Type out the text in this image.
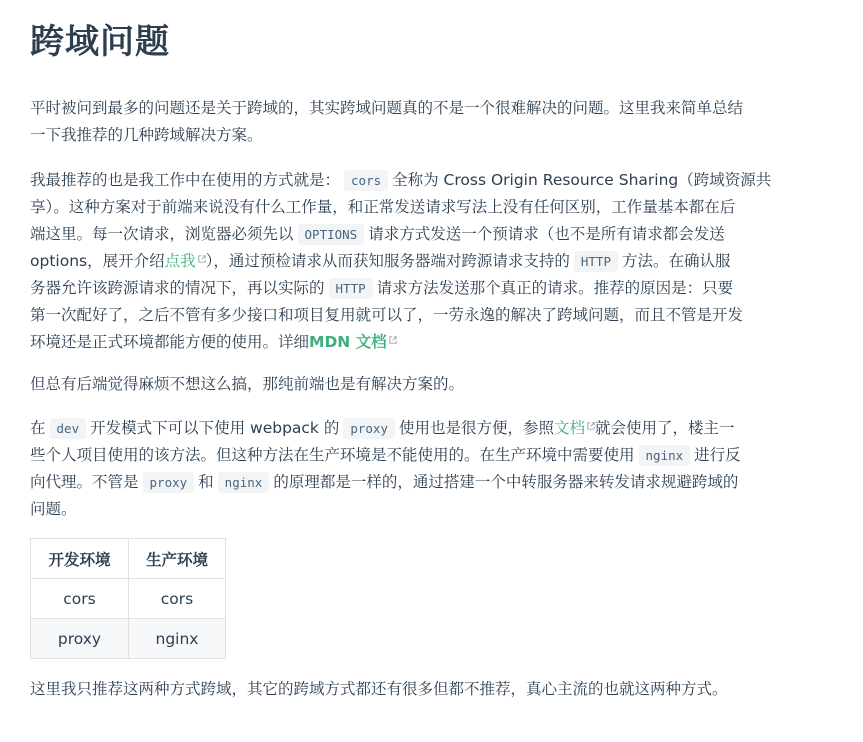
跨域问题

平时被问到最多的问题还是关于跨域的，其实跨域问题真的不是一个很难解决的问题。这里我来简单总结
一下我推荐的几种跨域解决方案。

我最推荐的也是我工作中在使用的方式就是： cors 全称为 Cross Origin Resource Sharing（跨域资源共
享）。这种方案对于前端来说没有什么工作量，和正常发送请求写法上没有任何区别，工作量基本都在后
端这里。每一次请求，浏览器必须先以 OPTIONS 请求方式发送一个预请求（也不是所有请求都会发送
options，展开介绍点我 ），通过预检请求从而获知服务器端对跨源请求支持的 HTTP 方法。在确认服
务器允许该跨源请求的情况下，再以实际的 HTTP 请求方法发送那个真正的请求。推荐的原因是：只要
第一次配好了，之后不管有多少接口和项目复用就可以了，一劳永逸的解决了跨域问题，而且不管是开发
环境还是正式环境都能方便的使用。详细MDN 文档

但总有后端觉得麻烦不想这么搞，那纯前端也是有解决方案的。

在 dev 开发模式下可以下使用 webpack 的 proxy 使用也是很方便，参照文档 就会使用了，楼主一
些个人项目使用的该方法。但这种方法在生产环境是不能使用的。在生产环境中需要使用 nginx 进行反
向代理。不管是 proxy 和 nginx 的原理都是一样的，通过搭建一个中转服务器来转发请求规避跨域的
问题。

开发环境	生产环境
cors	cors
proxy	nginx

这里我只推荐这两种方式跨域，其它的跨域方式都还有很多但都不推荐，真心主流的也就这两种方式。
